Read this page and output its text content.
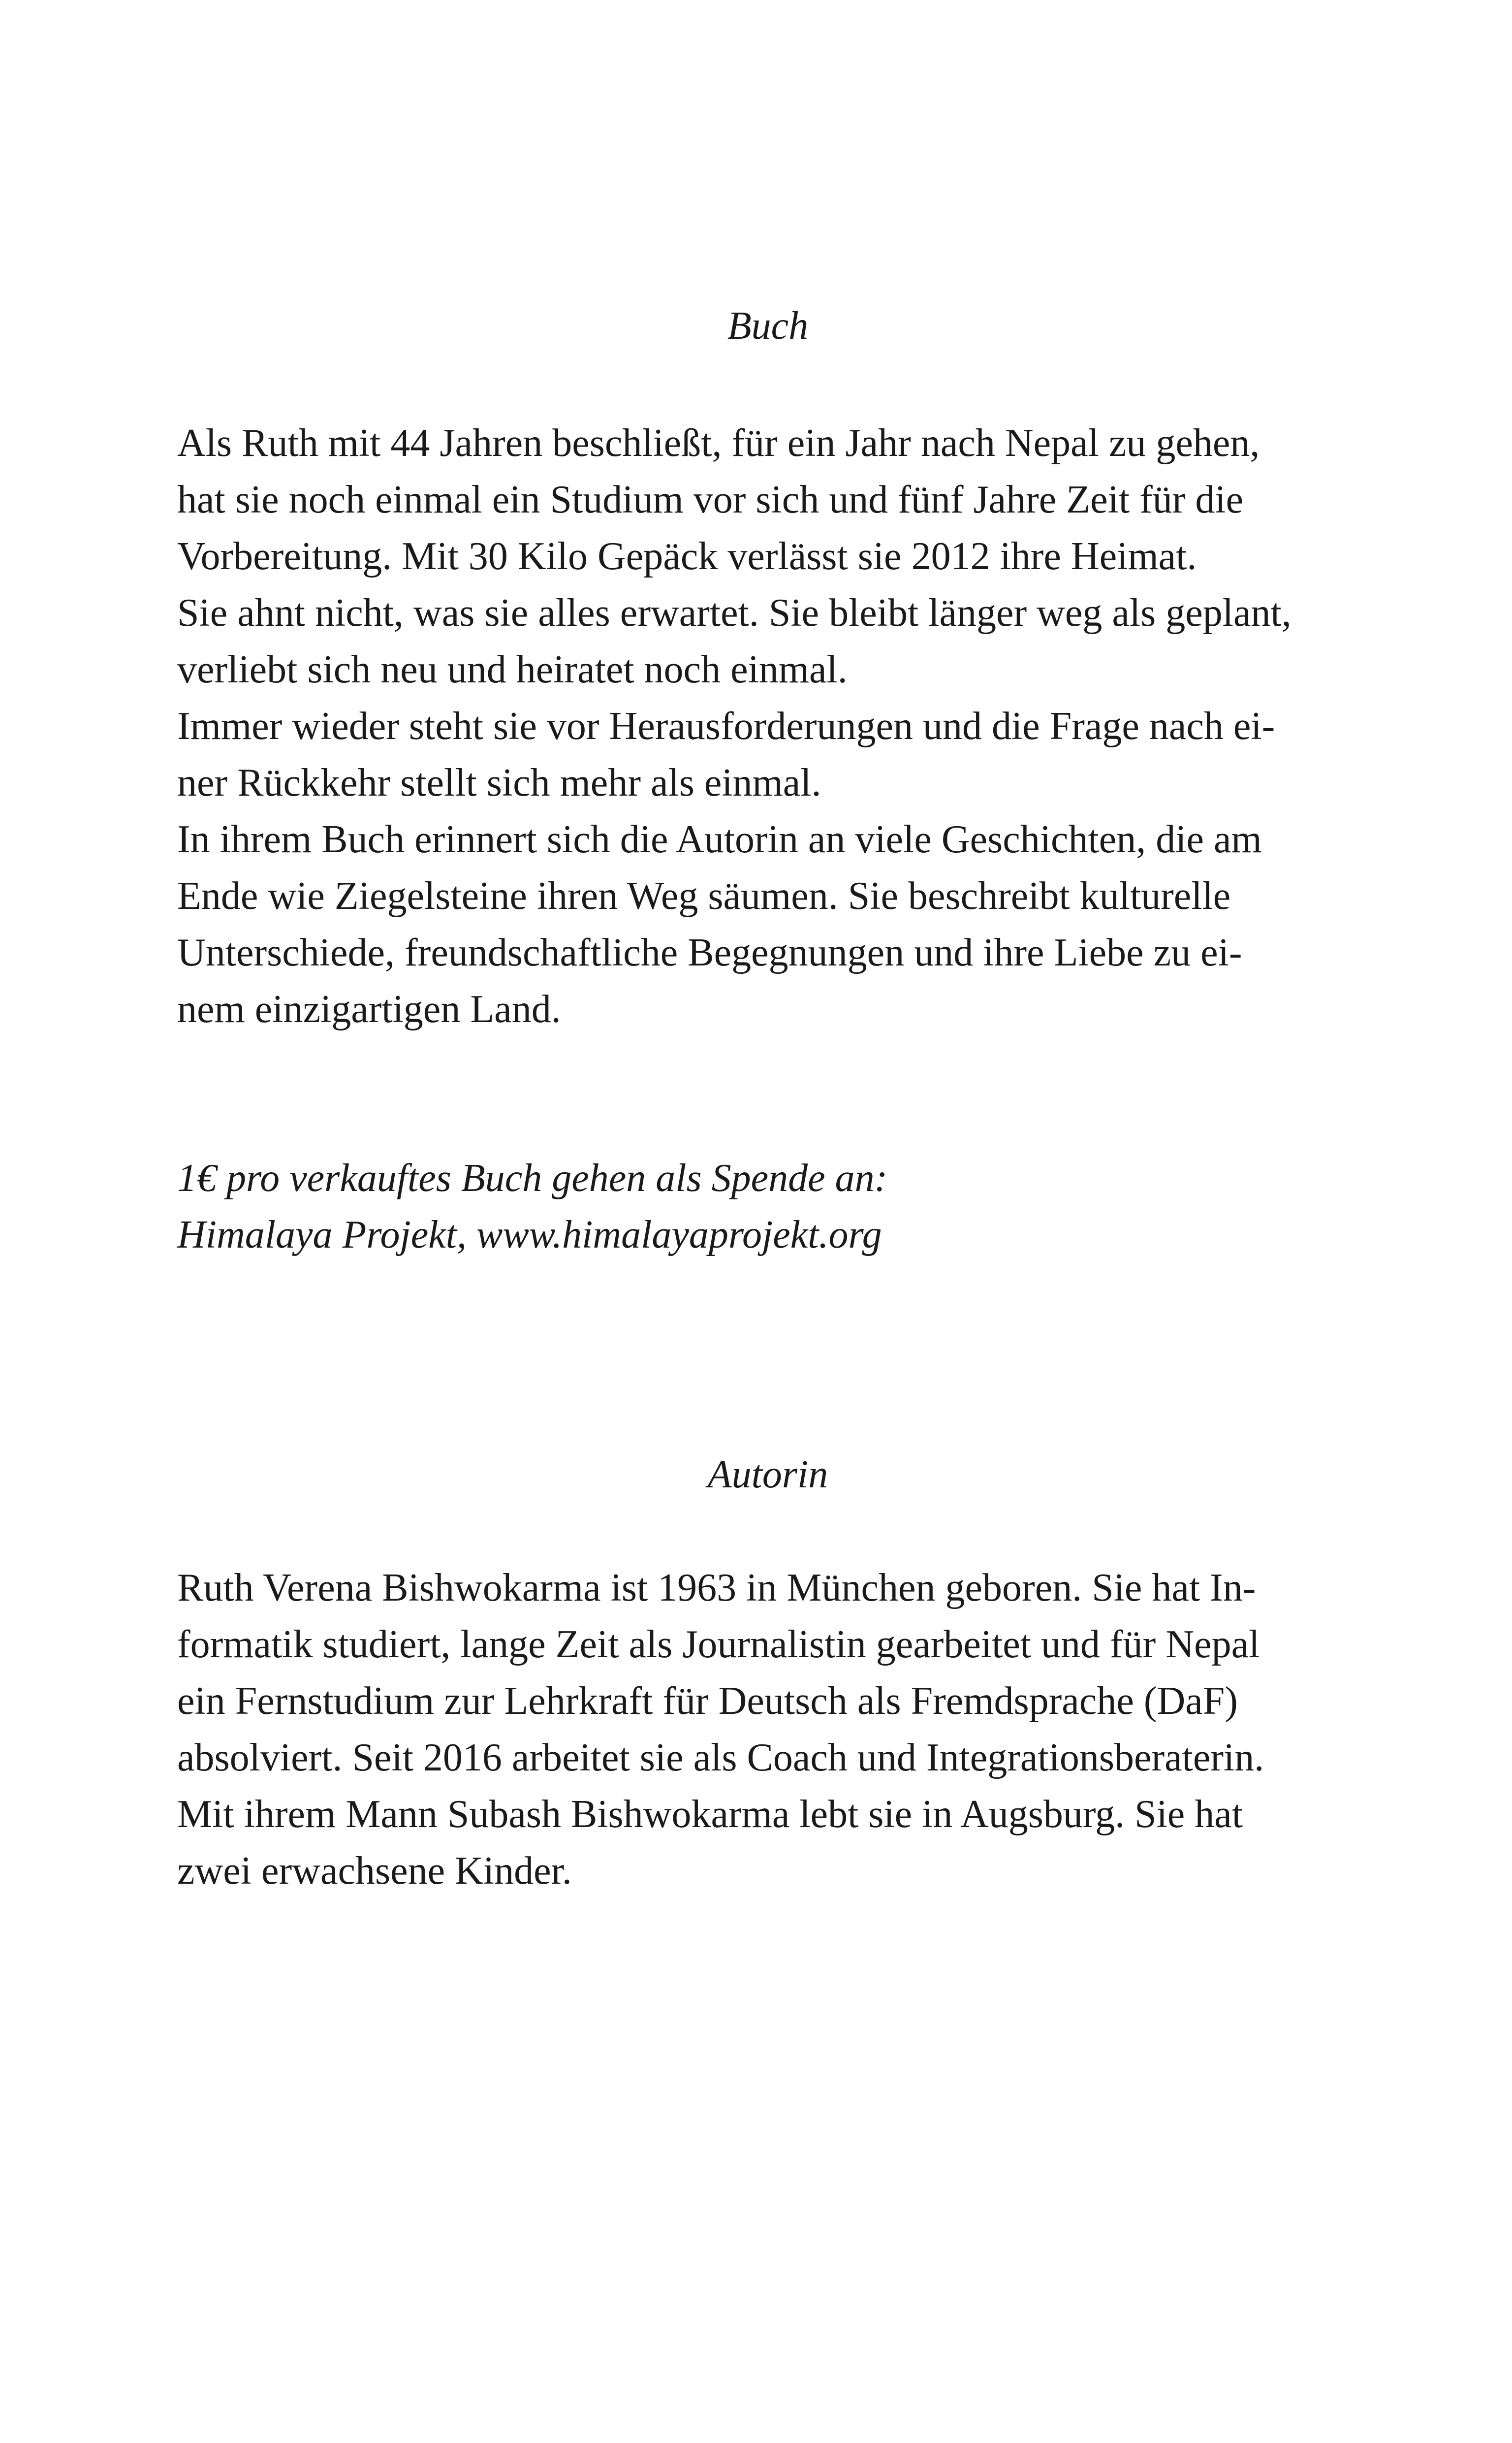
Buch

Als Ruth mit 44 Jahren beschließt, für ein Jahr nach Nepal zu gehen,

hat sie noch einmal ein Studium vor sich und fünf Jahre Zeit für die

Vorbereitung. Mit 30 Kilo Gepäck verlässt sie 2012 ihre Heimat.

Sie ahnt nicht, was sie alles erwartet. Sie bleibt länger weg als geplant,

verliebt sich neu und heiratet noch einmal.

Immer wieder steht sie vor Herausforderungen und die Frage nach ei-

ner Rückkehr stellt sich mehr als einmal.

In ihrem Buch erinnert sich die Autorin an viele Geschichten, die am

Ende wie Ziegelsteine ihren Weg säumen. Sie beschreibt kulturelle

Unterschiede, freundschaftliche Begegnungen und ihre Liebe zu ei-

nem einzigartigen Land.

1€ pro verkauftes Buch gehen als Spende an:

Himalaya Projekt, www.himalayaprojekt.org

Autorin

Ruth Verena Bishwokarma ist 1963 in München geboren. Sie hat In-

formatik studiert, lange Zeit als Journalistin gearbeitet und für Nepal

ein Fernstudium zur Lehrkraft für Deutsch als Fremdsprache (DaF)

absolviert. Seit 2016 arbeitet sie als Coach und Integrationsberaterin.

Mit ihrem Mann Subash Bishwokarma lebt sie in Augsburg. Sie hat

zwei erwachsene Kinder.
